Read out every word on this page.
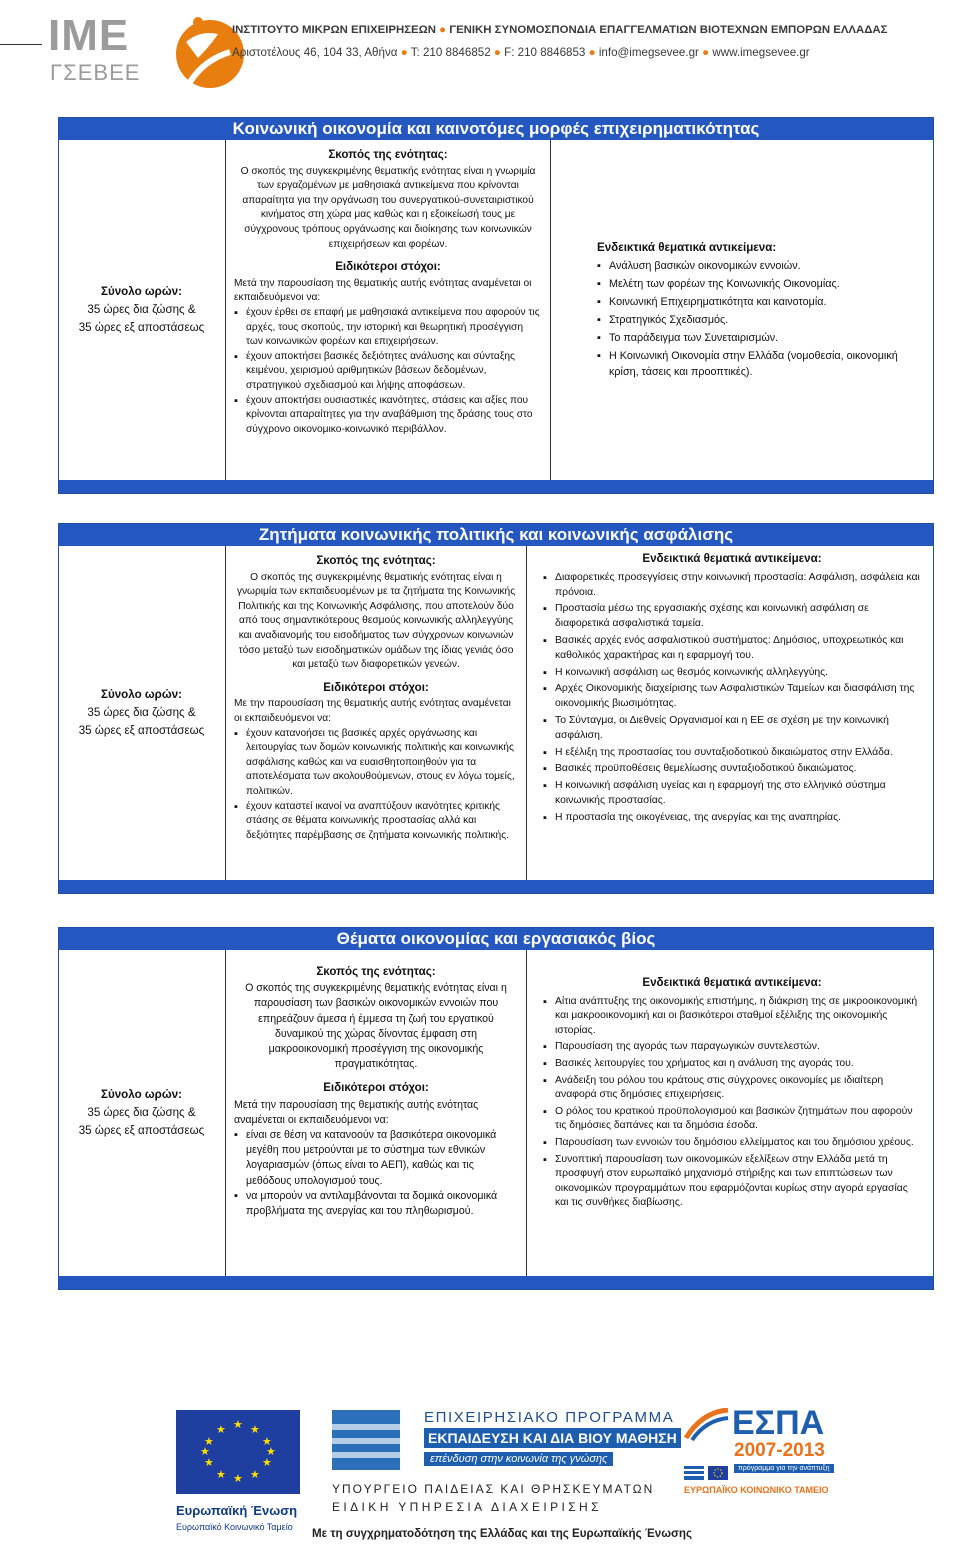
ΙΜΕ
ΓΣΕΒΕΕ
ΙΝΣΤΙΤΟΥΤΟ ΜΙΚΡΩΝ ΕΠΙΧΕΙΡΗΣΕΩΝ ● ΓΕΝΙΚΗ ΣΥΝΟΜΟΣΠΟΝΔΙΑ ΕΠΑΓΓΕΛΜΑΤΙΩΝ ΒΙΟΤΕΧΝΩΝ ΕΜΠΟΡΩΝ ΕΛΛΑΔΑΣ
Αριστοτέλους 46, 104 33, Αθήνα ● Τ: 210 8846852 ● F: 210 8846853 ● info@imegsevee.gr ● www.imegsevee.gr
Κοινωνική οικονομία και καινοτόμες μορφές επιχειρηματικότητας
Σύνολο ωρών:
35 ώρες δια ζώσης &
35 ώρες εξ αποστάσεως
Σκοπός της ενότητας:
Ο σκοπός της συγκεκριμένης θεματικής ενότητας είναι η γνωριμία των εργαζομένων με μαθησιακά αντικείμενα που κρίνονται απαραίτητα για την οργάνωση του συνεργατικού-συνεταιριστικού κινήματος στη χώρα μας καθώς και η εξοικείωσή τους με σύγχρονους τρόπους οργάνωσης και διοίκησης των κοινωνικών επιχειρήσεων και φορέων.
Ειδικότεροι στόχοι:
Μετά την παρουσίαση της θεματικής αυτής ενότητας αναμένεται οι εκπαιδευόμενοι να:
▪ έχουν έρθει σε επαφή με μαθησιακά αντικείμενα που αφορούν τις αρχές, τους σκοπούς, την ιστορική και θεωρητική προσέγγιση των κοινωνικών φορέων και επιχειρήσεων.
▪ έχουν αποκτήσει βασικές δεξιότητες ανάλυσης και σύνταξης κειμένου, χειρισμού αριθμητικών βάσεων δεδομένων, στρατηγικού σχεδιασμού και λήψης αποφάσεων.
▪ έχουν αποκτήσει ουσιαστικές ικανότητες, στάσεις και αξίες που κρίνονται απαραίτητες για την αναβάθμιση της δράσης τους στο σύγχρονο οικονομικο-κοινωνικό περιβάλλον.
Ενδεικτικά θεματικά αντικείμενα:
▪ Ανάλυση βασικών οικονομικών εννοιών.
▪ Μελέτη των φορέων της Κοινωνικής Οικονομίας.
▪ Κοινωνική Επιχειρηματικότητα και καινοτομία.
▪ Στρατηγικός Σχεδιασμός.
▪ Το παράδειγμα των Συνεταιρισμών.
▪ Η Κοινωνική Οικονομία στην Ελλάδα (νομοθεσία, οικονομική κρίση, τάσεις και προοπτικές).
Ζητήματα κοινωνικής πολιτικής και κοινωνικής ασφάλισης
Σύνολο ωρών:
35 ώρες δια ζώσης &
35 ώρες εξ αποστάσεως
Σκοπός της ενότητας:
Ο σκοπός της συγκεκριμένης θεματικής ενότητας είναι η γνωριμία των εκπαιδευομένων με τα ζητήματα της Κοινωνικής Πολιτικής και της Κοινωνικής Ασφάλισης, που αποτελούν δύο από τους σημαντικότερους θεσμούς κοινωνικής αλληλεγγύης και αναδιανομής του εισοδήματος των σύγχρονων κοινωνιών τόσο μεταξύ των εισοδηματικών ομάδων της ίδιας γενιάς όσο και μεταξύ των διαφορετικών γενεών.
Ειδικότεροι στόχοι:
Με την παρουσίαση της θεματικής αυτής ενότητας αναμένεται οι εκπαιδευόμενοι να:
▪ έχουν κατανοήσει τις βασικές αρχές οργάνωσης και λειτουργίας των δομών κοινωνικής πολιτικής και κοινωνικής ασφάλισης καθώς και να ευαισθητοποιηθούν για τα αποτελέσματα των ακολουθούμενων, στους εν λόγω τομείς, πολιτικών.
▪ έχουν καταστεί ικανοί να αναπτύξουν ικανότητες κριτικής στάσης σε θέματα κοινωνικής προστασίας αλλά και δεξιότητες παρέμβασης σε ζητήματα κοινωνικής πολιτικής.
Ενδεικτικά θεματικά αντικείμενα:
▪ Διαφορετικές προσεγγίσεις στην κοινωνική προστασία: Ασφάλιση, ασφάλεια και πρόνοια.
▪ Προστασία μέσω της εργασιακής σχέσης και κοινωνική ασφάλιση σε διαφορετικά ασφαλιστικά ταμεία.
▪ Βασικές αρχές ενός ασφαλιστικού συστήματος: Δημόσιος, υποχρεωτικός και καθολικός χαρακτήρας και η εφαρμογή του.
▪ Η κοινωνική ασφάλιση ως θεσμός κοινωνικής αλληλεγγύης.
▪ Αρχές Οικονομικής διαχείρισης των Ασφαλιστικών Ταμείων και διασφάλιση της οικονομικής βιωσιμότητας.
▪ Το Σύνταγμα, οι Διεθνείς Οργανισμοί και η ΕΕ σε σχέση με την κοινωνική ασφάλιση.
▪ Η εξέλιξη της προστασίας του συνταξιοδοτικού δικαιώματος στην Ελλάδα.
▪ Βασικές προϋποθέσεις θεμελίωσης συνταξιοδοτικού δικαιώματος.
▪ Η κοινωνική ασφάλιση υγείας και η εφαρμογή της στο ελληνικό σύστημα κοινωνικής προστασίας.
▪ Η προστασία της οικογένειας, της ανεργίας και της αναπηρίας.
Θέματα οικονομίας και εργασιακός βίος
Σύνολο ωρών:
35 ώρες δια ζώσης &
35 ώρες εξ αποστάσεως
Σκοπός της ενότητας:
Ο σκοπός της συγκεκριμένης θεματικής ενότητας είναι η παρουσίαση των βασικών οικονομικών εννοιών που επηρεάζουν άμεσα ή έμμεσα τη ζωή του εργατικού δυναμικού της χώρας δίνοντας έμφαση στη μακροοικονομική προσέγγιση της οικονομικής πραγματικότητας.
Ειδικότεροι στόχοι:
Μετά την παρουσίαση της θεματικής αυτής ενότητας αναμένεται οι εκπαιδευόμενοι να:
▪ είναι σε θέση να κατανοούν τα βασικότερα οικονομικά μεγέθη που μετρούνται με το σύστημα των εθνικών λογαριασμών (όπως είναι το ΑΕΠ), καθώς και τις μεθόδους υπολογισμού τους.
▪ να μπορούν να αντιλαμβάνονται τα δομικά οικονομικά προβλήματα της ανεργίας και του πληθωρισμού.
Ενδεικτικά θεματικά αντικείμενα:
▪ Αίτια ανάπτυξης της οικονομικής επιστήμης, η διάκριση της σε μικροοικονομική και μακροοικονομική και οι βασικότεροι σταθμοί εξέλιξης της οικονομικής ιστορίας.
▪ Παρουσίαση της αγοράς των παραγωγικών συντελεστών.
▪ Βασικές λειτουργίες του χρήματος και η ανάλυση της αγοράς του.
▪ Ανάδειξη του ρόλου του κράτους στις σύγχρονες οικονομίες με ιδιαίτερη αναφορά στις δημόσιες επιχειρήσεις.
▪ Ο ρόλος του κρατικού προϋπολογισμού και βασικών ζητημάτων που αφορούν τις δημόσιες δαπάνες και τα δημόσια έσοδα.
▪ Παρουσίαση των εννοιών του δημόσιου ελλείμματος και του δημόσιου χρέους.
▪ Συνοπτική παρουσίαση των οικονομικών εξελίξεων στην Ελλάδα μετά τη προσφυγή στον ευρωπαϊκό μηχανισμό στήριξης και των επιπτώσεων των οικονομικών προγραμμάτων που εφαρμόζονται κυρίως στην αγορά εργασίας και τις συνθήκες διαβίωσης.
★ ★
★
★
★
★
★
★
★
★
★
★
Ευρωπαϊκή Ένωση
Ευρωπαϊκό Κοινωνικό Ταμείο
ΕΠΙΧΕΙΡΗΣΙΑΚΟ ΠΡΟΓΡΑΜΜΑ
ΕΚΠΑΙΔΕΥΣΗ ΚΑΙ ΔΙΑ ΒΙΟΥ ΜΑΘΗΣΗ
επένδυση στην κοινωνία της γνώσης
ΥΠΟΥΡΓΕΙΟ ΠΑΙΔΕΙΑΣ ΚΑΙ ΘΡΗΣΚΕΥΜΑΤΩΝ
ΕΙΔΙΚΗ ΥΠΗΡΕΣΙΑ ΔΙΑΧΕΙΡΙΣΗΣ
ΕΣΠΑ
2007-2013
πρόγραμμα για την ανάπτυξη
ΕΥΡΩΠΑΪΚΟ ΚΟΙΝΩΝΙΚΟ ΤΑΜΕΙΟ
Με τη συγχρηματοδότηση της Ελλάδας και της Ευρωπαϊκής Ένωσης
